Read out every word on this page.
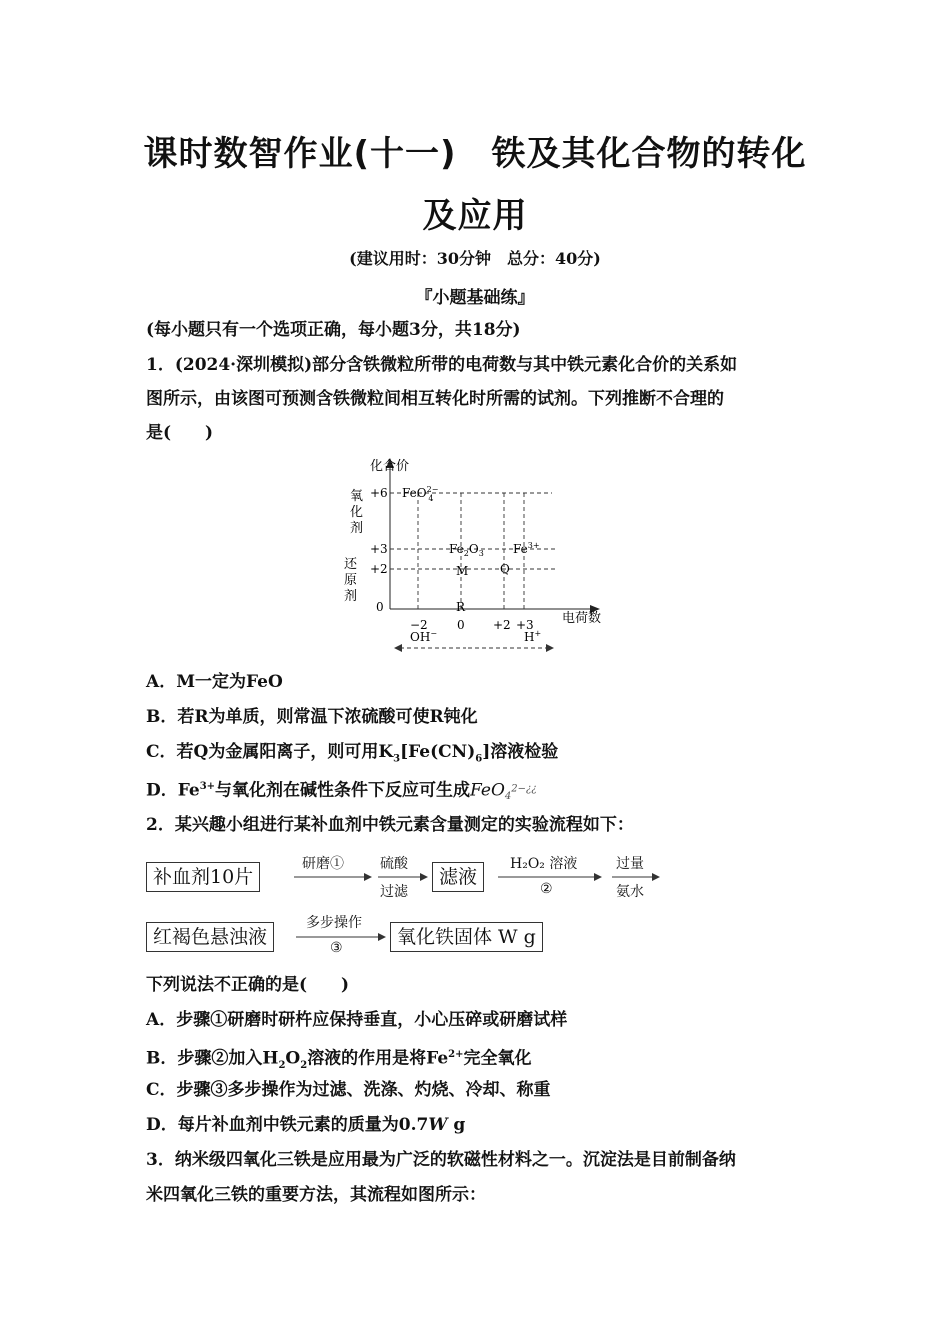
课时数智作业(十一)　铁及其化合物的转化
及应用
(建议用时：30分钟　总分：40分)
『小题基础练』
(每小题只有一个选项正确，每小题3分，共18分)
1．(2024·深圳模拟)部分含铁微粒所带的电荷数与其中铁元素化合价的关系如
图所示，由该图可预测含铁微粒间相互转化时所需的试剂。下列推断不合理的
是(　　)
化合价
电荷数
氧化剂
还原剂
+6
+3
+2
0
FeO$^{2-}$ 4
$Fe_2O_3$ $Fe^{3+}$
M	Q
R
−2 0 +2 +3
OH−	H+
A．M一定为FeO
B．若R为单质，则常温下浓硫酸可使R钝化
C．若Q为金属阳离子，则可用$K_3[Fe(CN)_6]$溶液检验
D．$Fe^{3+}$与氧化剂在碱性条件下反应可生成FeO$_4^{2-¿¿}$
2．某兴趣小组进行某补血剂中铁元素含量测定的实验流程如下：
补血剂10片
研磨①	硫酸
过滤
滤液
H₂O₂ 溶液
②
过量
氨水
红褐色悬浊液
多步操作
③	氧化铁固体 W g
下列说法不正确的是(　　)
A．步骤①研磨时研杵应保持垂直，小心压碎或研磨试样
B．步骤②加入$H_2O_2$溶液的作用是将$Fe^{2+}$完全氧化
C．步骤③多步操作为过滤、洗涤、灼烧、冷却、称重
D．每片补血剂中铁元素的质量为0.7W g
3．纳米级四氧化三铁是应用最为广泛的软磁性材料之一。沉淀法是目前制备纳
米四氧化三铁的重要方法，其流程如图所示：
